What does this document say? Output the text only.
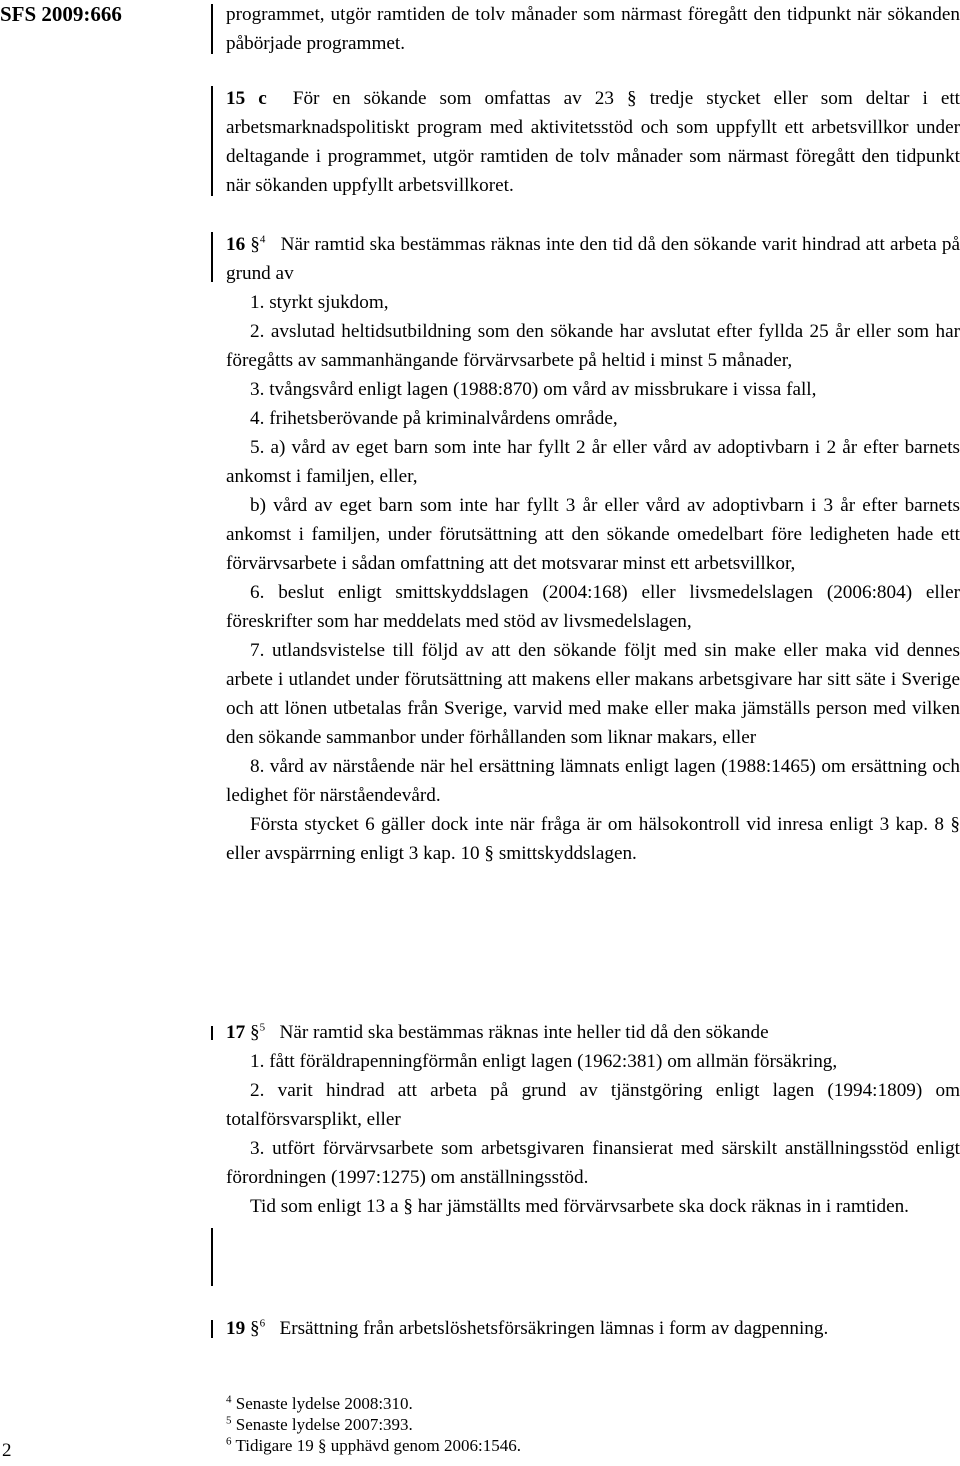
SFS 2009:666
2

programmet, utgör ramtiden de tolv månader som närmast föregått den tidpunkt när sökanden påbörjade programmet.

15 c För en sökande som omfattas av 23 § tredje stycket eller som deltar i ett arbetsmarknadspolitiskt program med aktivitetsstöd och som uppfyllt ett arbetsvillkor under deltagande i programmet, utgör ramtiden de tolv månader som närmast föregått den tidpunkt när sökanden uppfyllt arbetsvillkoret.

16 §$^4$ När ramtid ska bestämmas räknas inte den tid då den sökande varit hindrad att arbeta på grund av

1. styrkt sjukdom,

2. avslutad heltidsutbildning som den sökande har avslutat efter fyllda 25 år eller som har föregåtts av sammanhängande förvärvsarbete på heltid i minst 5 månader,

3. tvångsvård enligt lagen (1988:870) om vård av missbrukare i vissa fall,

4. frihetsberövande på kriminalvårdens område,

5. a) vård av eget barn som inte har fyllt 2 år eller vård av adoptivbarn i 2 år efter barnets ankomst i familjen, eller,

b) vård av eget barn som inte har fyllt 3 år eller vård av adoptivbarn i 3 år efter barnets ankomst i familjen, under förutsättning att den sökande omedelbart före ledigheten hade ett förvärvsarbete i sådan omfattning att det motsvarar minst ett arbetsvillkor,

6. beslut enligt smittskyddslagen (2004:168) eller livsmedelslagen (2006:804) eller föreskrifter som har meddelats med stöd av livsmedelslagen,

7. utlandsvistelse till följd av att den sökande följt med sin make eller maka vid dennes arbete i utlandet under förutsättning att makens eller makans arbetsgivare har sitt säte i Sverige och att lönen utbetalas från Sverige, varvid med make eller maka jämställs person med vilken den sökande sammanbor under förhållanden som liknar makars, eller

8. vård av närstående när hel ersättning lämnats enligt lagen (1988:1465) om ersättning och ledighet för närståendevård.

Första stycket 6 gäller dock inte när fråga är om hälsokontroll vid inresa enligt 3 kap. 8 § eller avspärrning enligt 3 kap. 10 § smittskyddslagen.

17 §$^5$ När ramtid ska bestämmas räknas inte heller tid då den sökande

1. fått föräldrapenningförmån enligt lagen (1962:381) om allmän försäkring,

2. varit hindrad att arbeta på grund av tjänstgöring enligt lagen (1994:1809) om totalförsvarsplikt, eller

3. utfört förvärvsarbete som arbetsgivaren finansierat med särskilt anställningsstöd enligt förordningen (1997:1275) om anställningsstöd.

Tid som enligt 13 a § har jämställts med förvärvsarbete ska dock räknas in i ramtiden.

19 §$^6$ Ersättning från arbetslöshetsförsäkringen lämnas i form av dagpenning.

$^4$ Senaste lydelse 2008:310.
$^5$ Senaste lydelse 2007:393.
$^6$ Tidigare 19 § upphävd genom 2006:1546.
